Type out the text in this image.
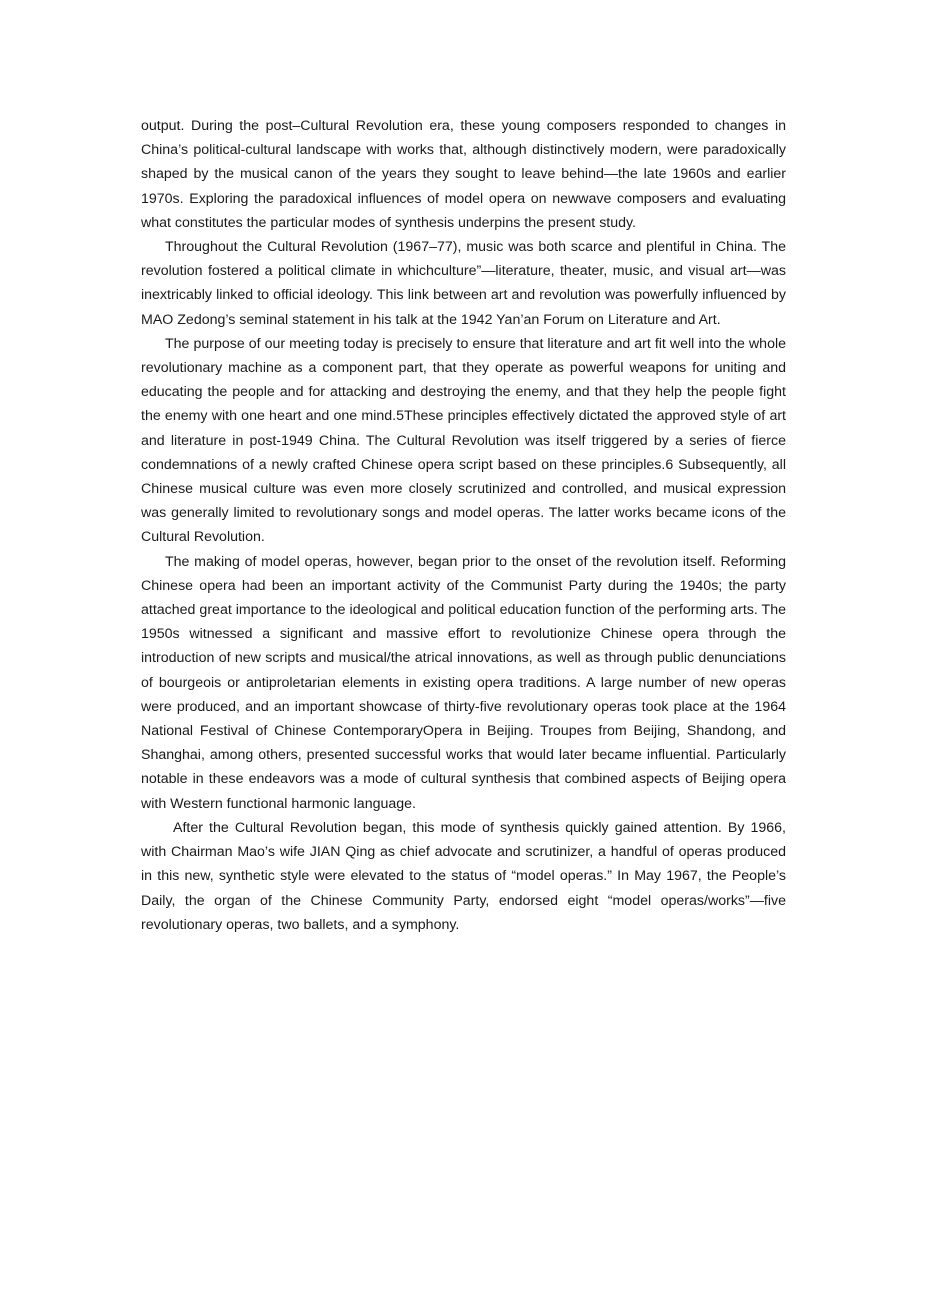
output. During the post–Cultural Revolution era, these young composers responded to changes in China’s political-cultural landscape with works that, although distinctively modern, were paradoxically shaped by the musical canon of the years they sought to leave behind—the late 1960s and earlier 1970s. Exploring the paradoxical influences of model opera on newwave composers and evaluating what constitutes the particular modes of synthesis underpins the present study.

Throughout the Cultural Revolution (1967–77), music was both scarce and plentiful in China. The revolution fostered a political climate in whichculture”—literature, theater, music, and visual art—was inextricably linked to official ideology. This link between art and revolution was powerfully influenced by MAO Zedong’s seminal statement in his talk at the 1942 Yan’an Forum on Literature and Art.

The purpose of our meeting today is precisely to ensure that literature and art fit well into the whole revolutionary machine as a component part, that they operate as powerful weapons for uniting and educating the people and for attacking and destroying the enemy, and that they help the people fight the enemy with one heart and one mind.5These principles effectively dictated the approved style of art and literature in post-1949 China. The Cultural Revolution was itself triggered by a series of fierce condemnations of a newly crafted Chinese opera script based on these principles.6 Subsequently, all Chinese musical culture was even more closely scrutinized and controlled, and musical expression was generally limited to revolutionary songs and model operas. The latter works became icons of the Cultural Revolution.

The making of model operas, however, began prior to the onset of the revolution itself. Reforming Chinese opera had been an important activity of the Communist Party during the 1940s; the party attached great importance to the ideological and political education function of the performing arts. The 1950s witnessed a significant and massive effort to revolutionize Chinese opera through the introduction of new scripts and musical/the atrical innovations, as well as through public denunciations of bourgeois or antiproletarian elements in existing opera traditions. A large number of new operas were produced, and an important showcase of thirty-five revolutionary operas took place at the 1964 National Festival of Chinese ContemporaryOpera in Beijing. Troupes from Beijing, Shandong, and Shanghai, among others, presented successful works that would later became influential. Particularly notable in these endeavors was a mode of cultural synthesis that combined aspects of Beijing opera with Western functional harmonic language.

After the Cultural Revolution began, this mode of synthesis quickly gained attention. By 1966, with Chairman Mao’s wife JIAN Qing as chief advocate and scrutinizer, a handful of operas produced in this new, synthetic style were elevated to the status of “model operas.” In May 1967, the People’s Daily, the organ of the Chinese Community Party, endorsed eight “model operas/works”—five revolutionary operas, two ballets, and a symphony.
